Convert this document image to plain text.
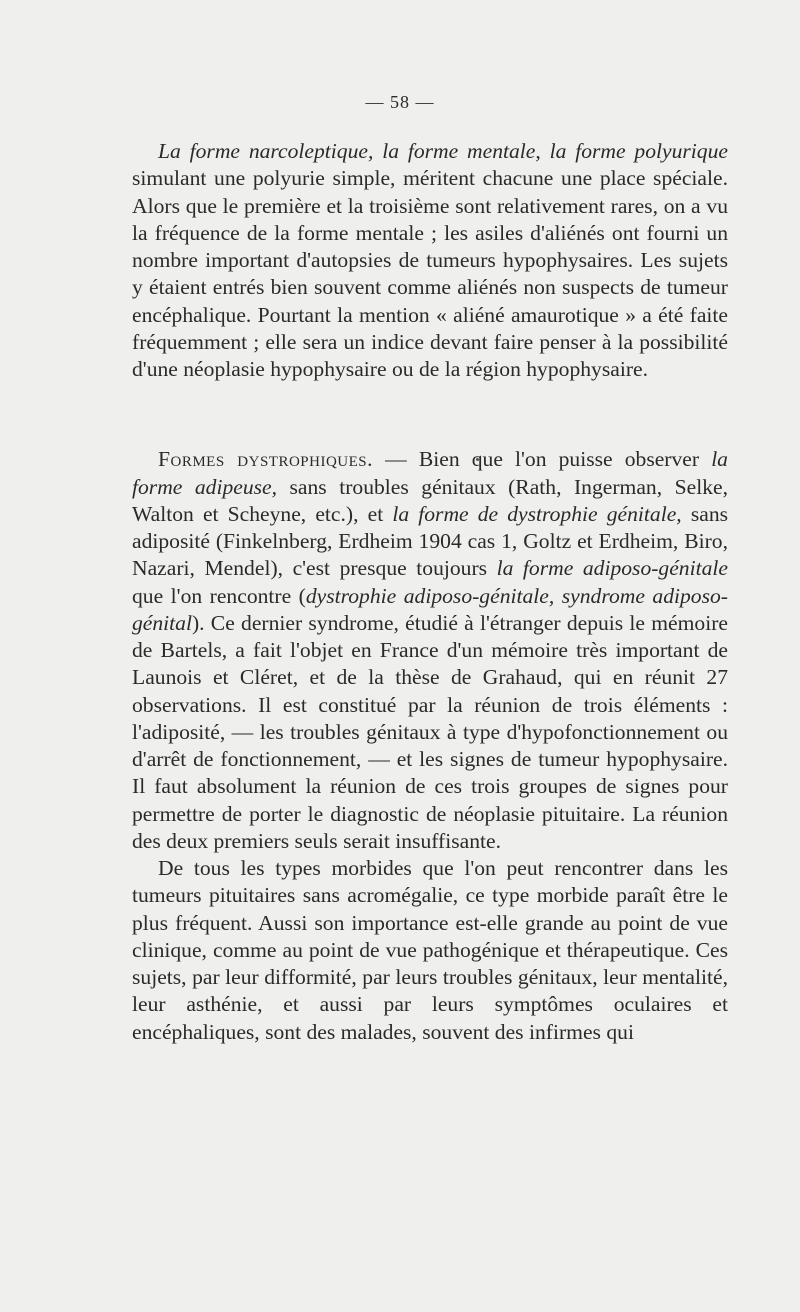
— 58 —

La forme narcoleptique, la forme mentale, la forme polyurique simulant une polyurie simple, méritent chacune une place spéciale. Alors que le première et la troisième sont relativement rares, on a vu la fréquence de la forme mentale ; les asiles d'aliénés ont fourni un nombre important d'autopsies de tumeurs hypophysaires. Les sujets y étaient entrés bien souvent comme aliénés non suspects de tumeur encéphalique. Pourtant la mention « aliéné amaurotique » a été faite fréquemment ; elle sera un indice devant faire penser à la possibilité d'une néoplasie hypophysaire ou de la région hypophysaire.

Formes dystrophiques. — Bien que l'on puisse observer la forme adipeuse, sans troubles génitaux (Rath, Ingerman, Selke, Walton et Scheyne, etc.), et la forme de dystrophie génitale, sans adiposité (Finkelnberg, Erdheim 1904 cas 1, Goltz et Erdheim, Biro, Nazari, Mendel), c'est presque toujours la forme adiposo-génitale que l'on rencontre (dystrophie adiposo-génitale, syndrome adiposo-génital). Ce dernier syndrome, étudié à l'étranger depuis le mémoire de Bartels, a fait l'objet en France d'un mémoire très important de Launois et Cléret, et de la thèse de Grahaud, qui en réunit 27 observations. Il est constitué par la réunion de trois éléments : l'adiposité, — les troubles génitaux à type d'hypofonctionnement ou d'arrêt de fonctionnement, — et les signes de tumeur hypophysaire. Il faut absolument la réunion de ces trois groupes de signes pour permettre de porter le diagnostic de néoplasie pituitaire. La réunion des deux premiers seuls serait insuffisante.

De tous les types morbides que l'on peut rencontrer dans les tumeurs pituitaires sans acromégalie, ce type morbide paraît être le plus fréquent. Aussi son importance est-elle grande au point de vue clinique, comme au point de vue pathogénique et thérapeutique. Ces sujets, par leur difformité, par leurs troubles génitaux, leur mentalité, leur asthénie, et aussi par leurs symptômes oculaires et encéphaliques, sont des malades, souvent des infirmes qui
